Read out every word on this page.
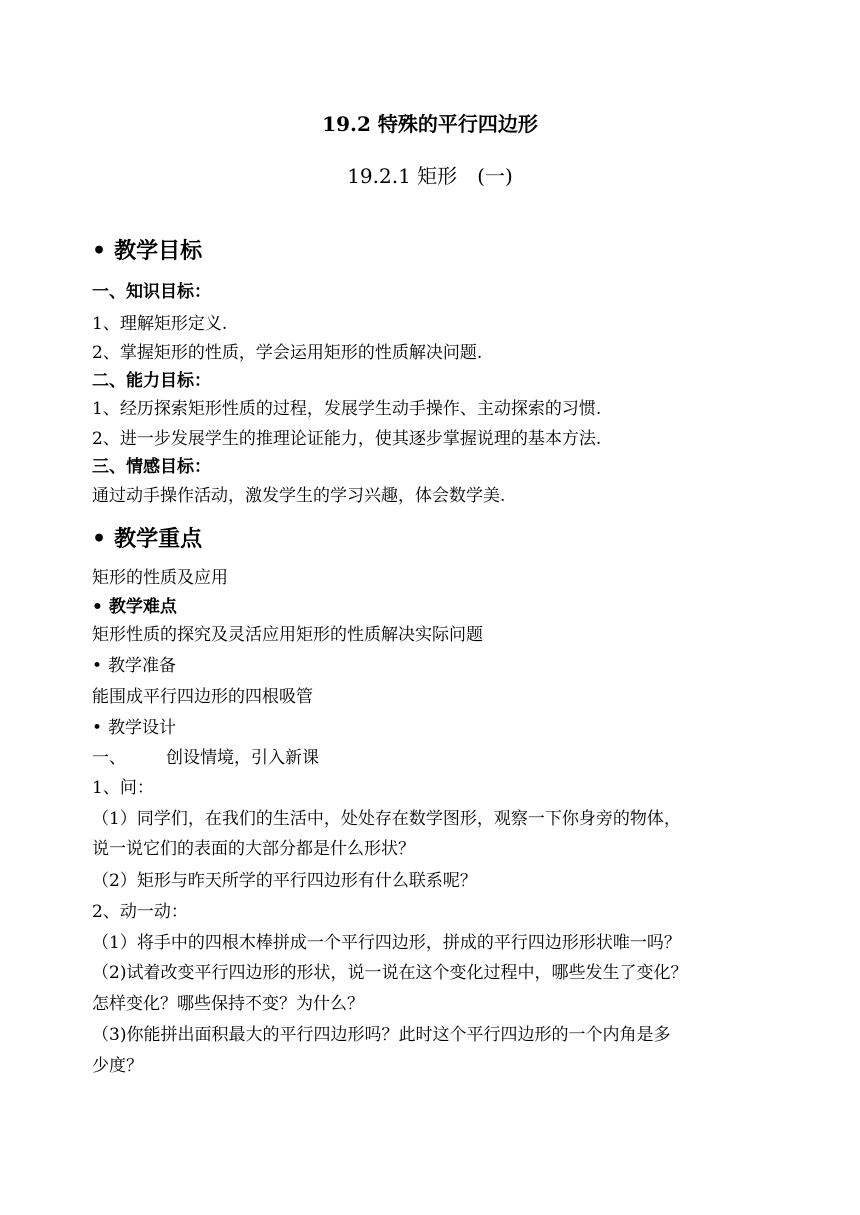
19.2 特殊的平行四边形
19.2.1 矩形　(一)
• 教学目标
一、知识目标：
1、理解矩形定义.
2、掌握矩形的性质，学会运用矩形的性质解决问题.
二、能力目标：
1、经历探索矩形性质的过程，发展学生动手操作、主动探索的习惯.
2、进一步发展学生的推理论证能力，使其逐步掌握说理的基本方法.
三、情感目标：
通过动手操作活动，激发学生的学习兴趣，体会数学美.
• 教学重点
矩形的性质及应用
• 教学难点
矩形性质的探究及灵活应用矩形的性质解决实际问题
• 教学准备
能围成平行四边形的四根吸管
• 教学设计
一、 创设情境，引入新课
1、问：
（1）同学们，在我们的生活中，处处存在数学图形，观察一下你身旁的物体，
说一说它们的表面的大部分都是什么形状？
（2）矩形与昨天所学的平行四边形有什么联系呢？
2、动一动：
（1）将手中的四根木棒拼成一个平行四边形，拼成的平行四边形形状唯一吗？
（2)试着改变平行四边形的形状，说一说在这个变化过程中，哪些发生了变化？
怎样变化？哪些保持不变？为什么？
（3)你能拼出面积最大的平行四边形吗？此时这个平行四边形的一个内角是多
少度？
